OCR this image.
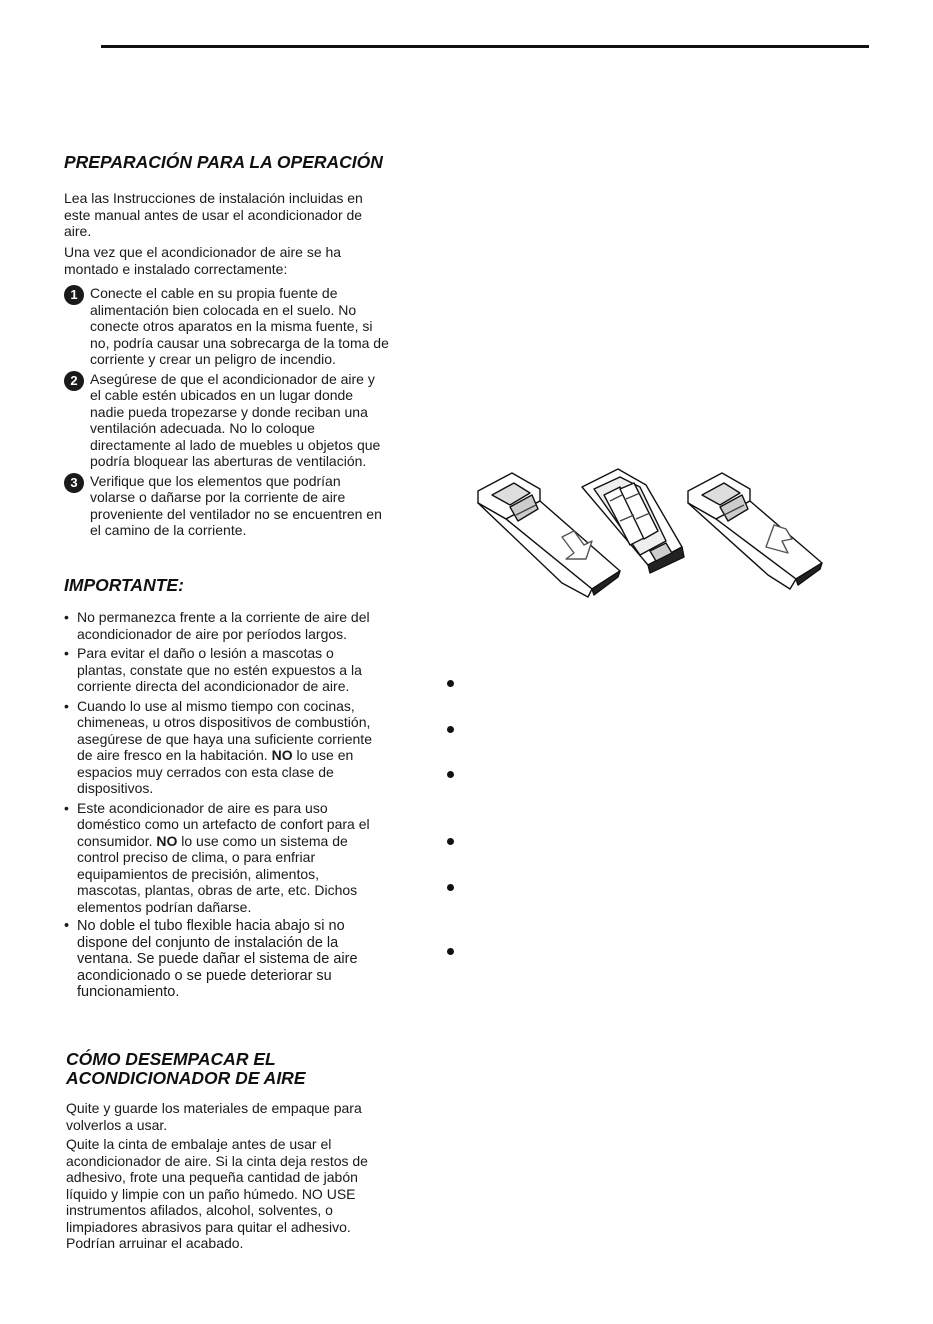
PREPARACIÓN PARA LA OPERACIÓN

Lea las Instrucciones de instalación incluidas en este manual antes de usar el acondicionador de aire.

Una vez que el acondicionador de aire se ha montado e instalado correctamente:

1 Conecte el cable en su propia fuente de alimentación bien colocada en el suelo. No conecte otros aparatos en la misma fuente, si no, podría causar una sobrecarga de la toma de corriente y crear un peligro de incendio.
2 Asegúrese de que el acondicionador de aire y el cable estén ubicados en un lugar donde nadie pueda tropezarse y donde reciban una ventilación adecuada. No lo coloque directamente al lado de muebles u objetos que podría bloquear las aberturas de ventilación.
3 Verifique que los elementos que podrían volarse o dañarse por la corriente de aire proveniente del ventilador no se encuentren en el camino de la corriente.
IMPORTANTE:
• No permanezca frente a la corriente de aire del acondicionador de aire por períodos largos.
• Para evitar el daño o lesión a mascotas o plantas, constate que no estén expuestos a la corriente directa del acondicionador de aire.
• Cuando lo use al mismo tiempo con cocinas, chimeneas, u otros dispositivos de combustión, asegúrese de que haya una suficiente corriente de aire fresco en la habitación. NO lo use en espacios muy cerrados con esta clase de dispositivos.
• Este acondicionador de aire es para uso doméstico como un artefacto de confort para el consumidor. NO lo use como un sistema de control preciso de clima, o para enfriar equipamientos de precisión, alimentos, mascotas, plantas, obras de arte, etc. Dichos elementos podrían dañarse.
• No doble el tubo flexible hacia abajo si no dispone del conjunto de instalación de la ventana. Se puede dañar el sistema de aire acondicionado o se puede deteriorar su funcionamiento.
CÓMO DESEMPACAR EL
ACONDICIONADOR DE AIRE

Quite y guarde los materiales de empaque para volverlos a usar.

Quite la cinta de embalaje antes de usar el acondicionador de aire. Si la cinta deja restos de adhesivo, frote una pequeña cantidad de jabón líquido y limpie con un paño húmedo. NO USE instrumentos afilados, alcohol, solventes, o limpiadores abrasivos para quitar el adhesivo. Podrían arruinar el acabado.
